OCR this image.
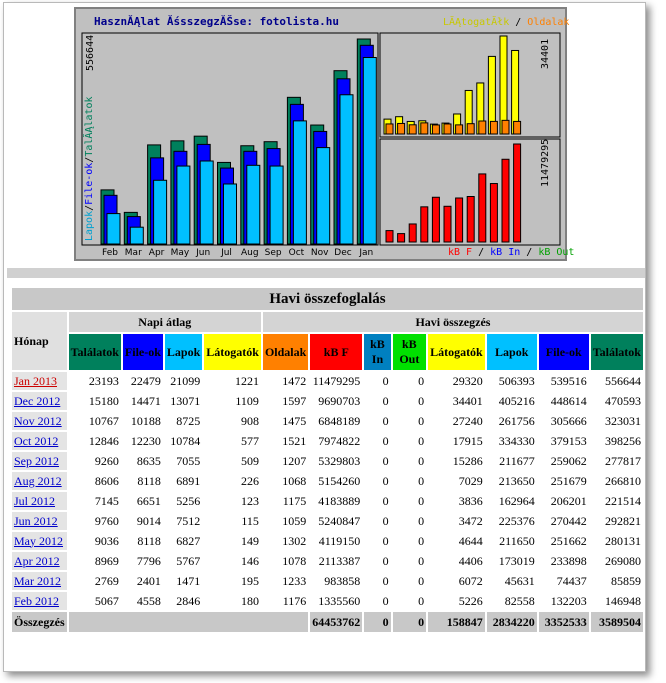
HasznĂĄlat ĂśsszegzĂŠse: fotolista.hu	LĂĄtogatĂłk / Oldalak
kB F / kB In / kB Out
Lapok/File-ok/TalĂĄlatok
556644	34401
11479295
Feb Mar Apr May Jun Jul Aug Sep Oct Nov Dec Jan
Havi összefoglalás												
Hónap	Napi átlag				Havi összegzés							
	Találatok	File-ok	Lapok	Látogatók	Oldalak	kB F	kB In	kB Out	Látogatók	Lapok	File-ok	Találatok
Jan 2013	23193	22479	21099	1221	1472	11479295	0	0	29320	506393	539516	556644
Dec 2012	15180	14471	13071	1109	1597	9690703	0	0	34401	405216	448614	470593
Nov 2012	10767	10188	8725	908	1475	6848189	0	0	27240	261756	305666	323031
Oct 2012	12846	12230	10784	577	1521	7974822	0	0	17915	334330	379153	398256
Sep 2012	9260	8635	7055	509	1207	5329803	0	0	15286	211677	259062	277817
Aug 2012	8606	8118	6891	226	1068	5154260	0	0	7029	213650	251679	266810
Jul 2012	7145	6651	5256	123	1175	4183889	0	0	3836	162964	206201	221514
Jun 2012	9760	9014	7512	115	1059	5240847	0	0	3472	225376	270442	292821
May 2012	9036	8118	6827	149	1302	4119150	0	0	4644	211650	251662	280131
Apr 2012	8969	7796	5767	146	1078	2113387	0	0	4406	173019	233898	269080
Mar 2012	2769	2401	1471	195	1233	983858	0	0	6072	45631	74437	85859
Feb 2012	5067	4558	2846	180	1176	1335560	0	0	5226	82558	132203	146948
Összegzés						64453762	0	0	158847	2834220	3352533	3589504
